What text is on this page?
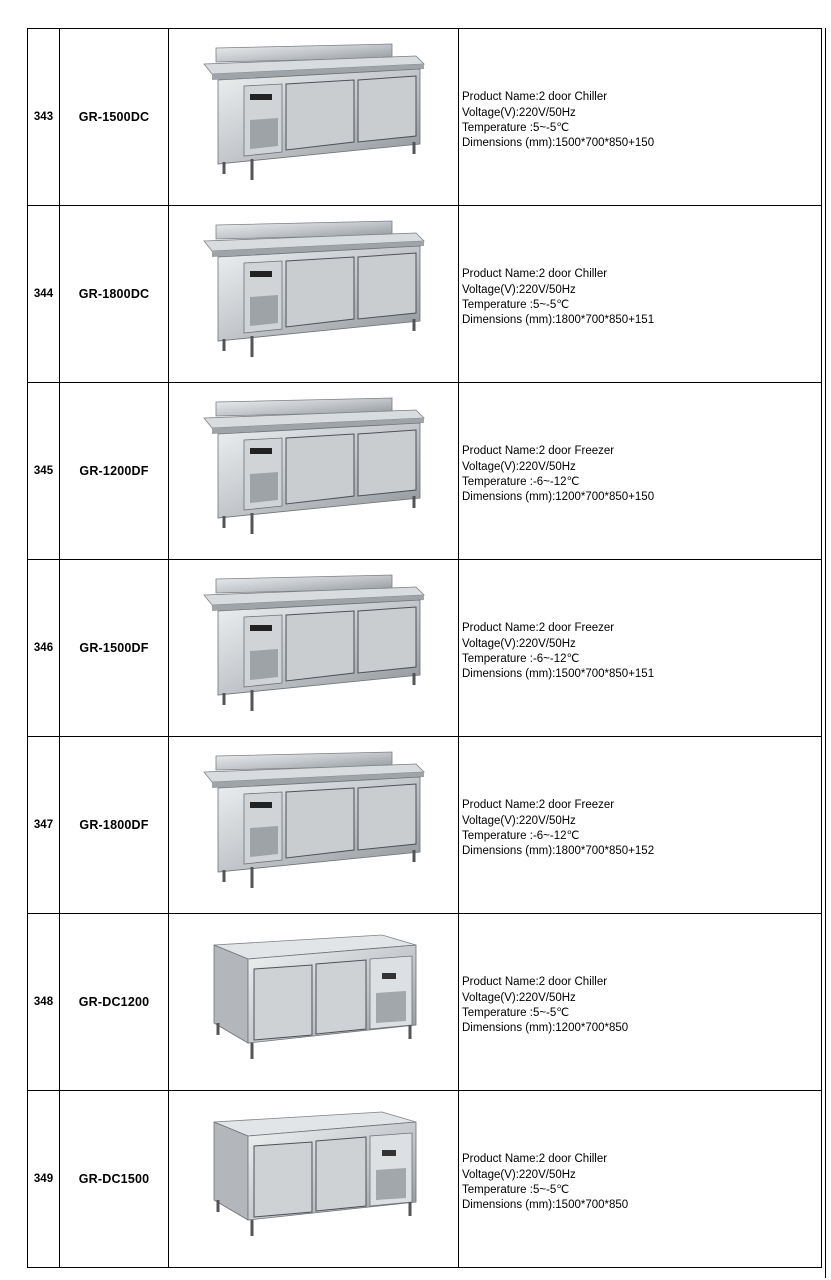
343	GR-1500DC		Product Name:2 door Chiller
Voltage(V):220V/50Hz
Temperature :5~-5℃
Dimensions (mm):1500*700*850+150

344	GR-1800DC		Product Name:2 door Chiller
Voltage(V):220V/50Hz
Temperature :5~-5℃
Dimensions (mm):1800*700*850+151

345	GR-1200DF		Product Name:2 door Freezer
Voltage(V):220V/50Hz
Temperature :-6~-12℃
Dimensions (mm):1200*700*850+150

346	GR-1500DF		Product Name:2 door Freezer
Voltage(V):220V/50Hz
Temperature :-6~-12℃
Dimensions (mm):1500*700*850+151

347	GR-1800DF		Product Name:2 door Freezer
Voltage(V):220V/50Hz
Temperature :-6~-12℃
Dimensions (mm):1800*700*850+152

348	GR-DC1200		Product Name:2 door Chiller
Voltage(V):220V/50Hz
Temperature :5~-5℃
Dimensions (mm):1200*700*850

349	GR-DC1500		Product Name:2 door Chiller
Voltage(V):220V/50Hz
Temperature :5~-5℃
Dimensions (mm):1500*700*850
